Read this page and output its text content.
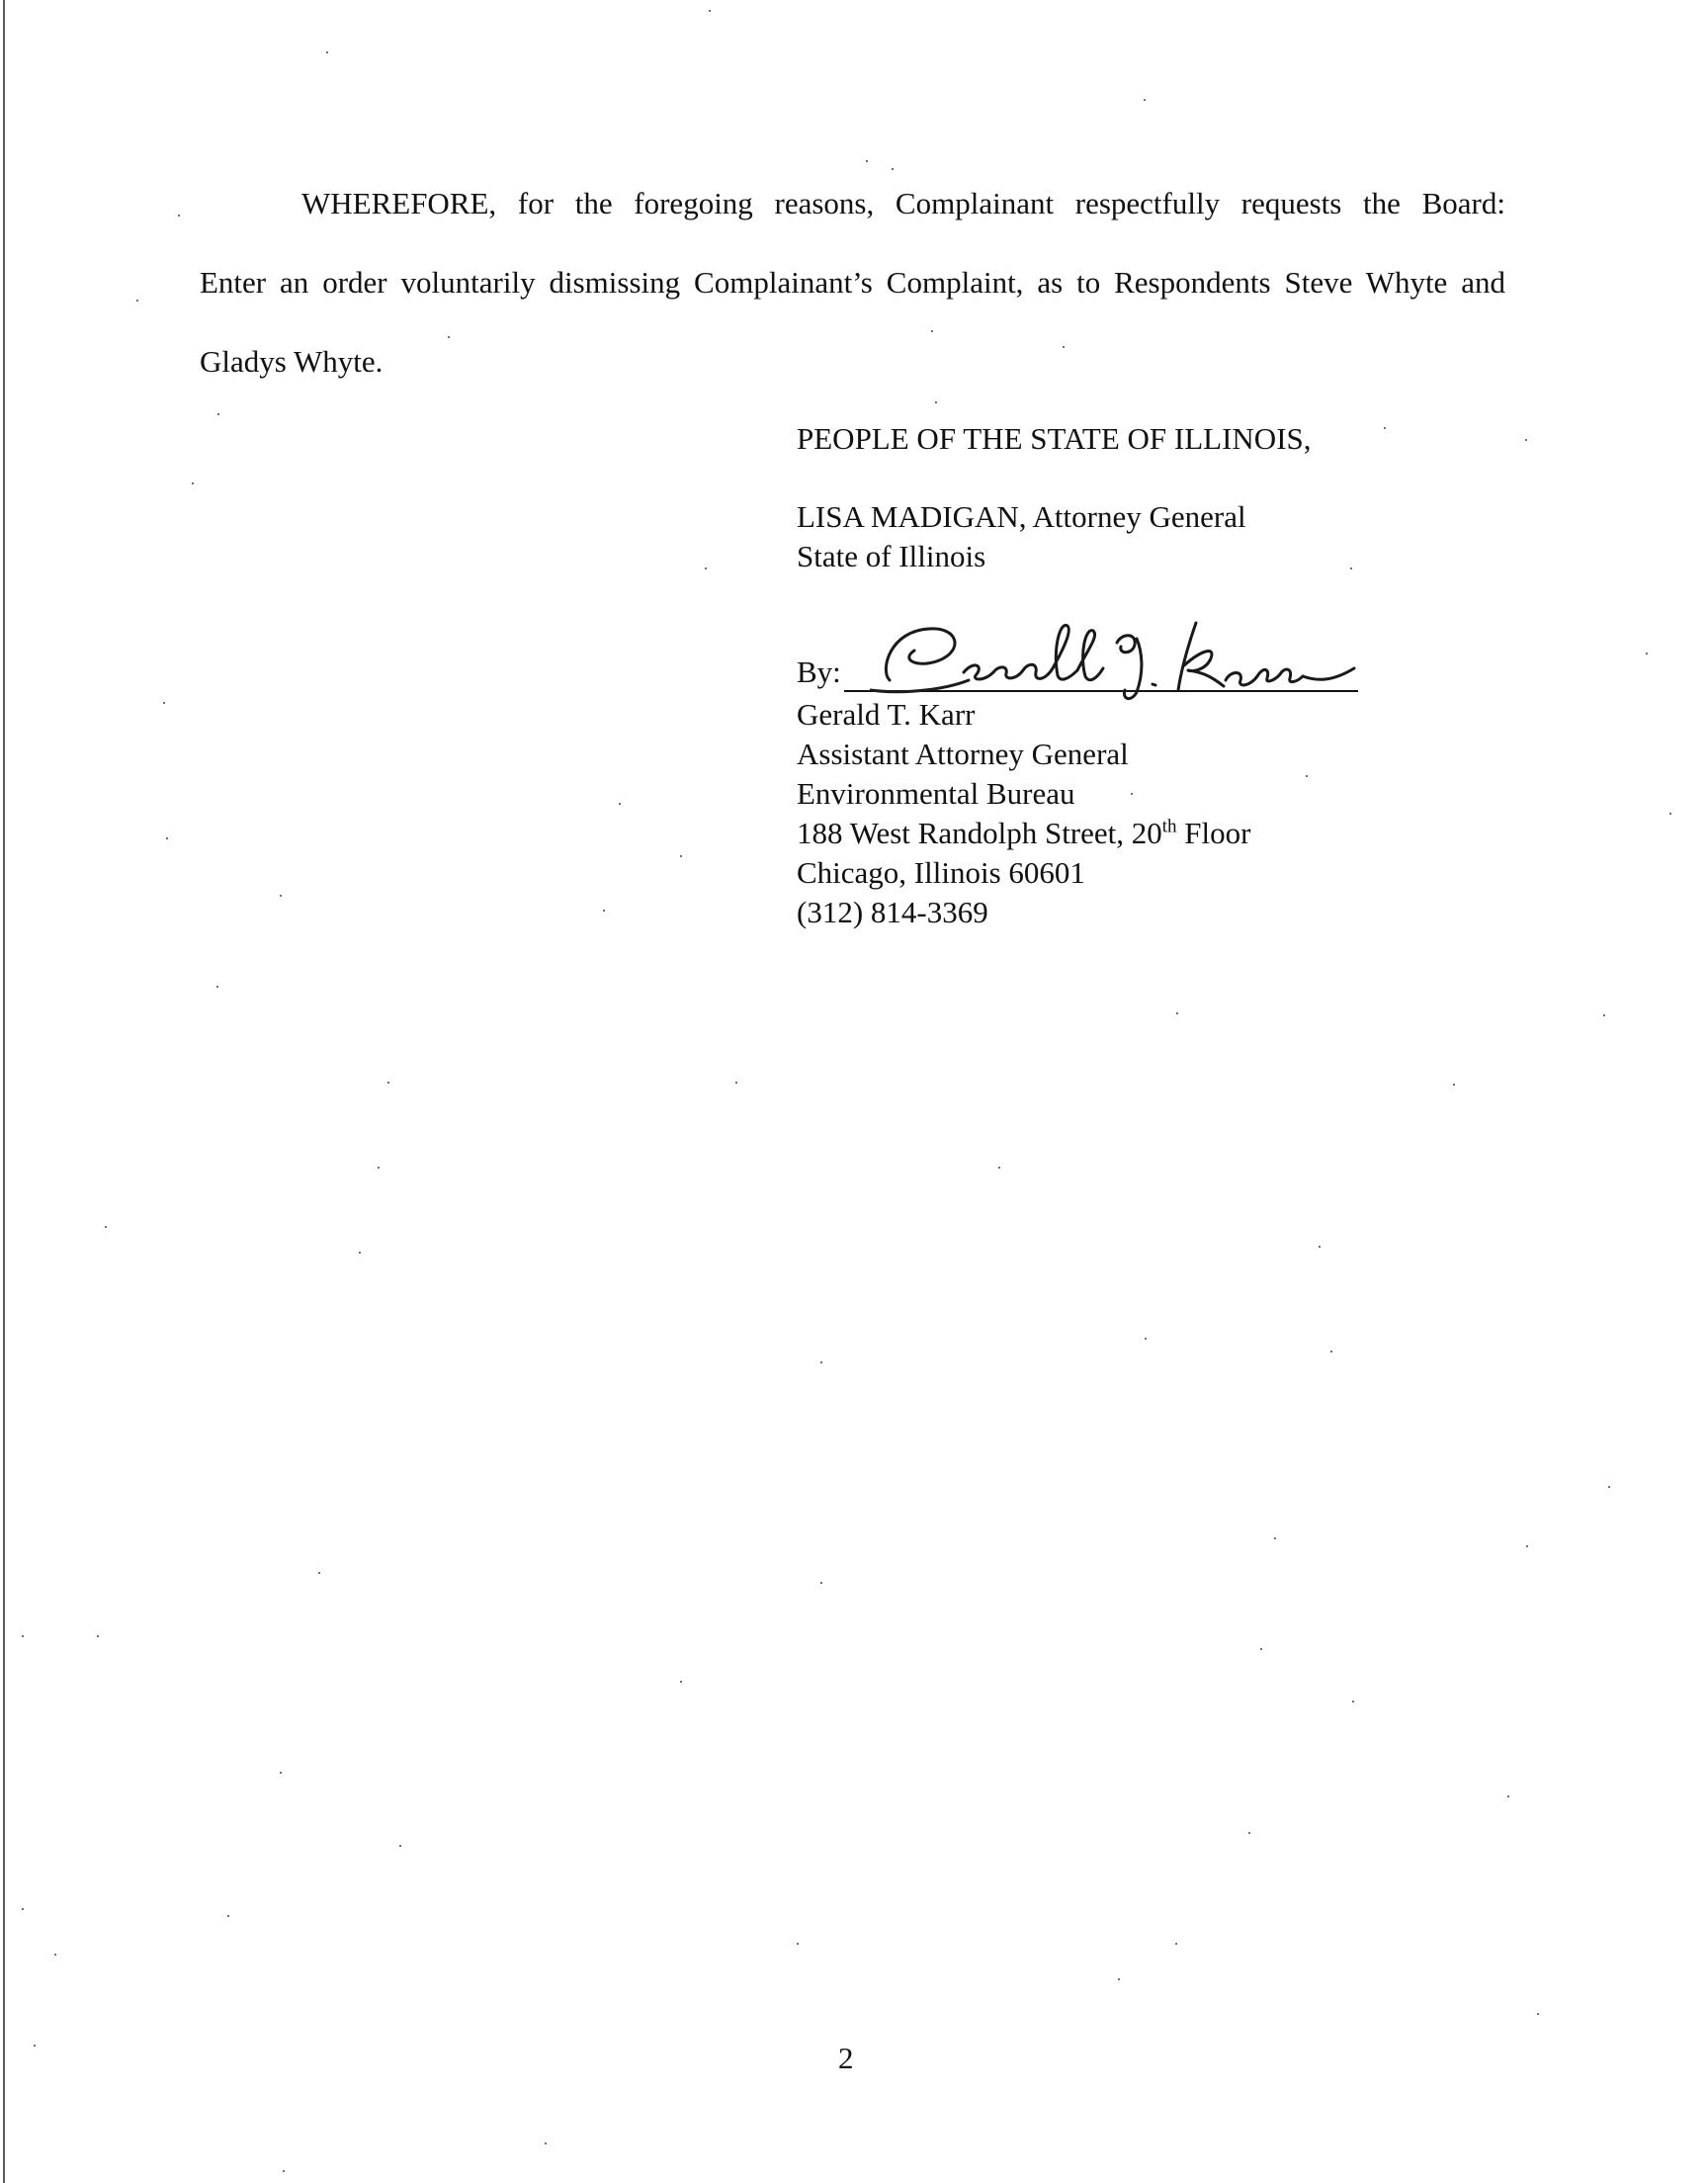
WHEREFORE, for the foregoing reasons, Complainant respectfully requests the Board:
Enter an order voluntarily dismissing Complainant’s Complaint, as to Respondents Steve Whyte and
Gladys Whyte.
PEOPLE OF THE STATE OF ILLINOIS,
LISA MADIGAN, Attorney General
State of Illinois
By:
Gerald T. Karr
Assistant Attorney General
Environmental Bureau
188 West Randolph Street, 20th Floor
Chicago, Illinois 60601
(312) 814-3369
2
